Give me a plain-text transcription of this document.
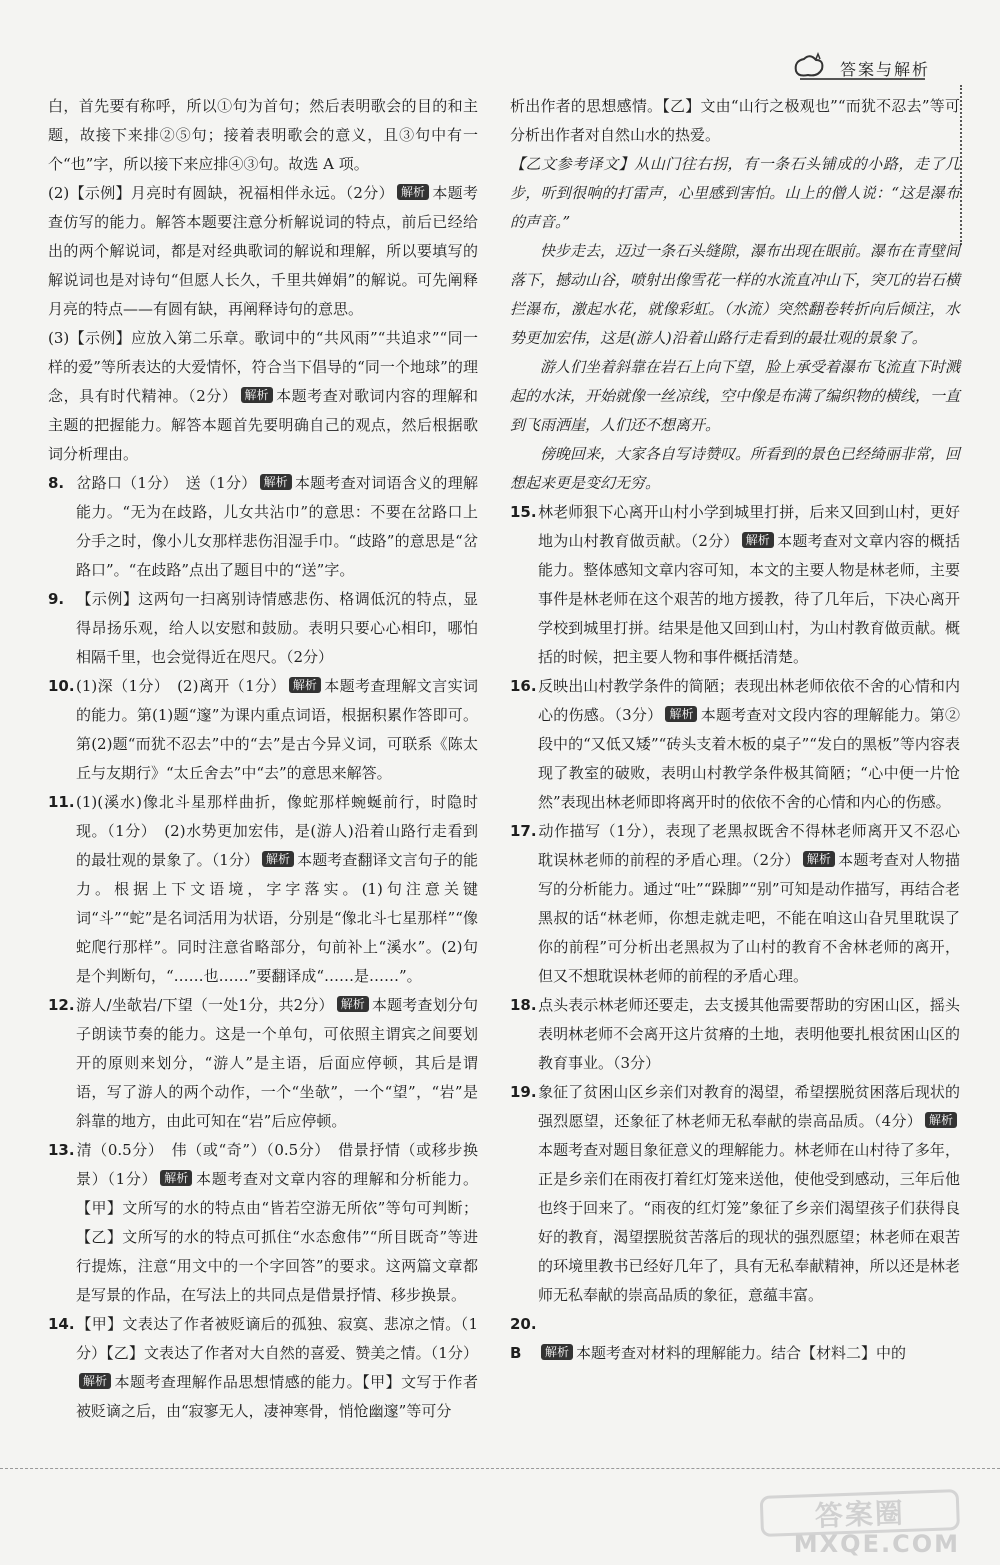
答案与解析

白，首先要有称呼，所以①句为首句；然后表明歌会的目的和主题，故接下来排②⑤句；接着表明歌会的意义，且③句中有一个“也”字，所以接下来应排④③句。故选 A 项。

(2)【示例】月亮时有圆缺，祝福相伴永远。（2分） 解析 本题考查仿写的能力。解答本题要注意分析解说词的特点，前后已经给出的两个解说词，都是对经典歌词的解说和理解，所以要填写的解说词也是对诗句“但愿人长久，千里共婵娟”的解说。可先阐释月亮的特点——有圆有缺，再阐释诗句的意思。

(3)【示例】应放入第二乐章。歌词中的“共风雨”“共追求”“同一样的爱”等所表达的大爱情怀，符合当下倡导的“同一个地球”的理念，具有时代精神。（2分） 解析 本题考查对歌词内容的理解和主题的把握能力。解答本题首先要明确自己的观点，然后根据歌词分析理由。

8. 岔路口（1分）　送（1分） 解析 本题考查对词语含义的理解能力。“无为在歧路，儿女共沾巾”的意思：不要在岔路口上分手之时，像小儿女那样悲伤泪湿手巾。“歧路”的意思是“岔路口”。“在歧路”点出了题目中的“送”字。

9. 【示例】这两句一扫离别诗情感悲伤、格调低沉的特点，显得昂扬乐观，给人以安慰和鼓励。表明只要心心相印，哪怕相隔千里，也会觉得近在咫尺。（2分）

10.(1)深（1分）　(2)离开（1分） 解析 本题考查理解文言实词的能力。第(1)题“邃”为课内重点词语，根据积累作答即可。第(2)题“而犹不忍去”中的“去”是古今异义词，可联系《陈太丘与友期行》“太丘舍去”中“去”的意思来解答。

11.(1)(溪水)像北斗星那样曲折，像蛇那样蜿蜒前行，时隐时现。（1分）　(2)水势更加宏伟，是(游人)沿着山路行走看到的最壮观的景象了。（1分） 解析 本题考查翻译文言句子的能力。根据上下文语境，字字落实。(1)句注意关键词“斗”“蛇”是名词活用为状语，分别是“像北斗七星那样”“像蛇爬行那样”。同时注意省略部分，句前补上“溪水”。(2)句是个判断句，“……也……”要翻译成“……是……”。

12.游人/坐欹岩/下望（一处1分，共2分） 解析 本题考查划分句子朗读节奏的能力。这是一个单句，可依照主谓宾之间要划开的原则来划分，“游人”是主语，后面应停顿，其后是谓语，写了游人的两个动作，一个“坐欹”，一个“望”，“岩”是斜靠的地方，由此可知在“岩”后应停顿。

13.清（0.5分）　伟（或“奇”）（0.5分）　借景抒情（或移步换景）（1分） 解析 本题考查对文章内容的理解和分析能力。【甲】文所写的水的特点由“皆若空游无所依”等句可判断；【乙】文所写的水的特点可抓住“水态愈伟”“所目既奇”等进行提炼，注意“用文中的一个字回答”的要求。这两篇文章都是写景的作品，在写法上的共同点是借景抒情、移步换景。

14.【甲】文表达了作者被贬谪后的孤独、寂寞、悲凉之情。（1分）【乙】文表达了作者对大自然的喜爱、赞美之情。（1分）解析 本题考查理解作品思想情感的能力。【甲】文写于作者被贬谪之后，由“寂寥无人，凄神寒骨，悄怆幽邃”等可分

析出作者的思想感情。【乙】文由“山行之极观也”“而犹不忍去”等可分析出作者对自然山水的热爱。

【乙文参考译文】从山门往右拐，有一条石头铺成的小路，走了几步，听到很响的打雷声，心里感到害怕。山上的僧人说：“这是瀑布的声音。”

快步走去，迈过一条石头缝隙，瀑布出现在眼前。瀑布在青壁间落下，撼动山谷，喷射出像雪花一样的水流直冲山下，突兀的岩石横拦瀑布，激起水花，就像彩虹。（水流）突然翻卷转折向后倾注，水势更加宏伟，这是(游人)沿着山路行走看到的最壮观的景象了。

游人们坐着斜靠在岩石上向下望，脸上承受着瀑布飞流直下时溅起的水沫，开始就像一丝凉线，空中像是布满了编织物的横线，一直到飞雨洒崖，人们还不想离开。

傍晚回来，大家各自写诗赞叹。所看到的景色已经绮丽非常，回想起来更是变幻无穷。

15.林老师狠下心离开山村小学到城里打拼，后来又回到山村，更好地为山村教育做贡献。（2分） 解析 本题考查对文章内容的概括能力。整体感知文章内容可知，本文的主要人物是林老师，主要事件是林老师在这个艰苦的地方援教，待了几年后，下决心离开学校到城里打拼。结果是他又回到山村，为山村教育做贡献。概括的时候，把主要人物和事件概括清楚。

16.反映出山村教学条件的简陋；表现出林老师依依不舍的心情和内心的伤感。（3分） 解析 本题考查对文段内容的理解能力。第②段中的“又低又矮”“砖头支着木板的桌子”“发白的黑板”等内容表现了教室的破败，表明山村教学条件极其简陋；“心中便一片怆然”表现出林老师即将离开时的依依不舍的心情和内心的伤感。

17.动作描写（1分），表现了老黑叔既舍不得林老师离开又不忍心耽误林老师的前程的矛盾心理。（2分） 解析 本题考查对人物描写的分析能力。通过“吐”“跺脚”“别”可知是动作描写，再结合老黑叔的话“林老师，你想走就走吧，不能在咱这山旮旯里耽误了你的前程”可分析出老黑叔为了山村的教育不舍林老师的离开，但又不想耽误林老师的前程的矛盾心理。

18.点头表示林老师还要走，去支援其他需要帮助的穷困山区，摇头表明林老师不会离开这片贫瘠的土地，表明他要扎根贫困山区的教育事业。（3分）

19.象征了贫困山区乡亲们对教育的渴望，希望摆脱贫困落后现状的强烈愿望，还象征了林老师无私奉献的崇高品质。（4分） 解析本题考查对题目象征意义的理解能力。林老师在山村待了多年，正是乡亲们在雨夜打着红灯笼来送他，使他受到感动，三年后他也终于回来了。“雨夜的红灯笼”象征了乡亲们渴望孩子们获得良好的教育，渴望摆脱贫苦落后的现状的强烈愿望；林老师在艰苦的环境里教书已经好几年了，具有无私奉献精神，所以还是林老师无私奉献的崇高品质的象征，意蕴丰富。

20. B 解析 本题考查对材料的理解能力。结合【材料二】中的

答案圈
MXQE.COM
